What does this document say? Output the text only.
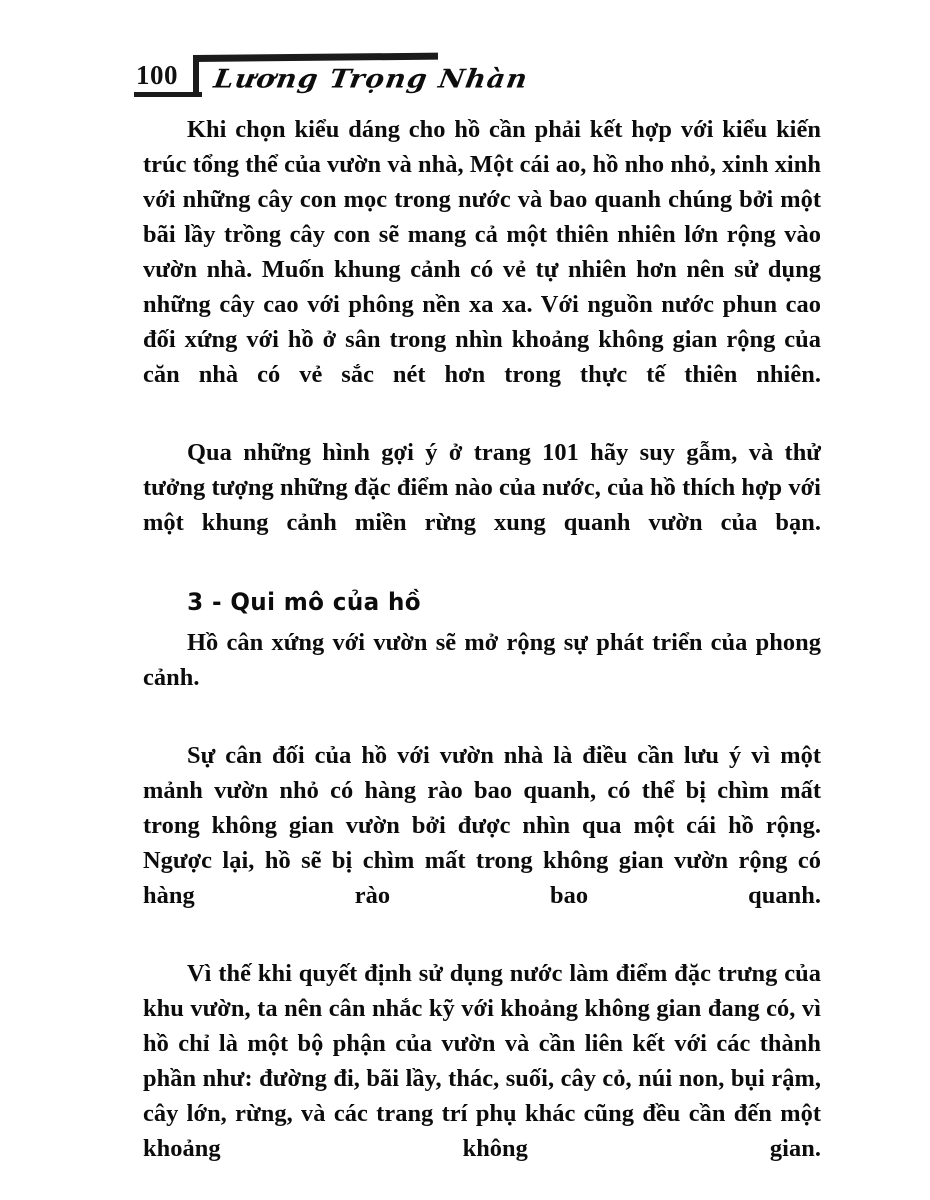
100 Lương Trọng Nhàn

Khi chọn kiểu dáng cho hồ cần phải kết hợp với kiểu kiến trúc tổng thể của vườn và nhà, Một cái ao, hồ nho nhỏ, xinh xinh với những cây con mọc trong nước và bao quanh chúng bởi một bãi lầy trồng cây con sẽ mang cả một thiên nhiên lớn rộng vào vườn nhà. Muốn khung cảnh có vẻ tự nhiên hơn nên sử dụng những cây cao với phông nền xa xa. Với nguồn nước phun cao đối xứng với hồ ở sân trong nhìn khoảng không gian rộng của căn nhà có vẻ sắc nét hơn trong thực tế thiên nhiên.

Qua những hình gợi ý ở trang 101 hãy suy gẫm, và thử tưởng tượng những đặc điểm nào của nước, của hồ thích hợp với một khung cảnh miền rừng xung quanh vườn của bạn.

3 - Qui mô của hồ

Hồ cân xứng với vườn sẽ mở rộng sự phát triển của phong cảnh.

Sự cân đối của hồ với vườn nhà là điều cần lưu ý vì một mảnh vườn nhỏ có hàng rào bao quanh, có thể bị chìm mất trong không gian vườn bởi được nhìn qua một cái hồ rộng. Ngược lại, hồ sẽ bị chìm mất trong không gian vườn rộng có hàng rào bao quanh.

Vì thế khi quyết định sử dụng nước làm điểm đặc trưng của khu vườn, ta nên cân nhắc kỹ với khoảng không gian đang có, vì hồ chỉ là một bộ phận của vườn và cần liên kết với các thành phần như: đường đi, bãi lầy, thác, suối, cây cỏ, núi non, bụi rậm, cây lớn, rừng, và các trang trí phụ khác cũng đều cần đến một khoảng không gian.
